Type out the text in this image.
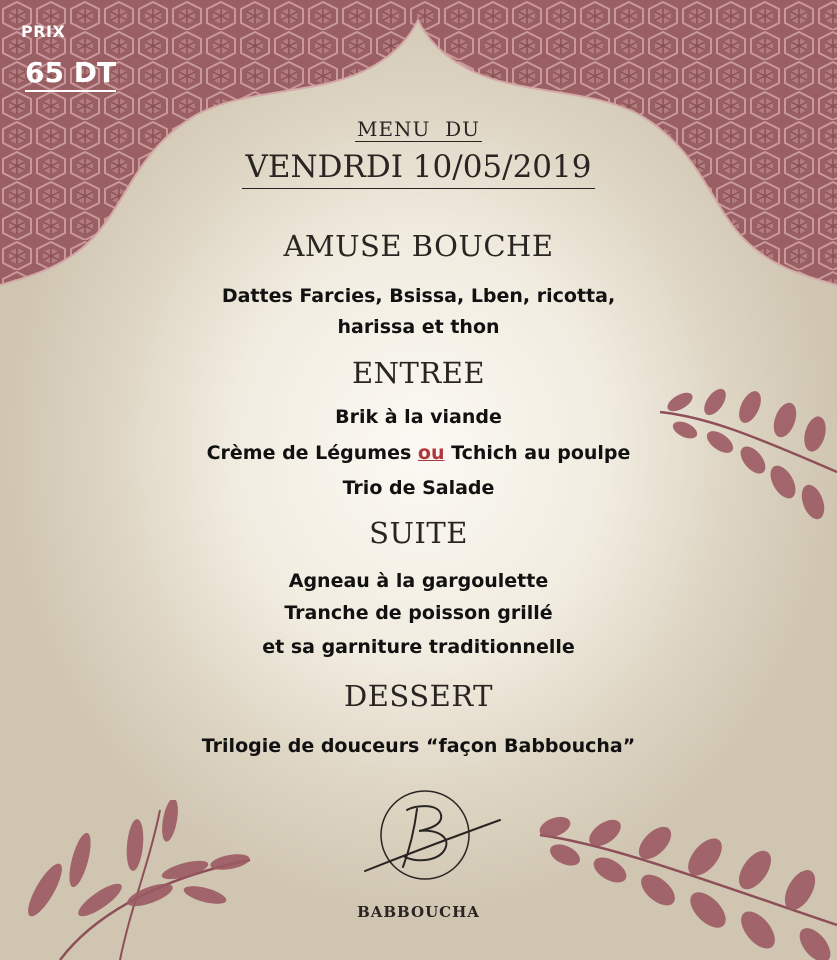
PRIX
65 DT
MENU  DU
VENDRDI 10/05/2019
AMUSE BOUCHE
Dattes Farcies, Bsissa, Lben, ricotta,
harissa et thon
ENTREE
Brik à la viande
Crème de Légumes ou Tchich au poulpe
Trio de Salade
SUITE
Agneau à la gargoulette
Tranche de poisson grillé
et sa garniture traditionnelle
DESSERT
Trilogie de douceurs “façon Babboucha”
BABBOUCHA
